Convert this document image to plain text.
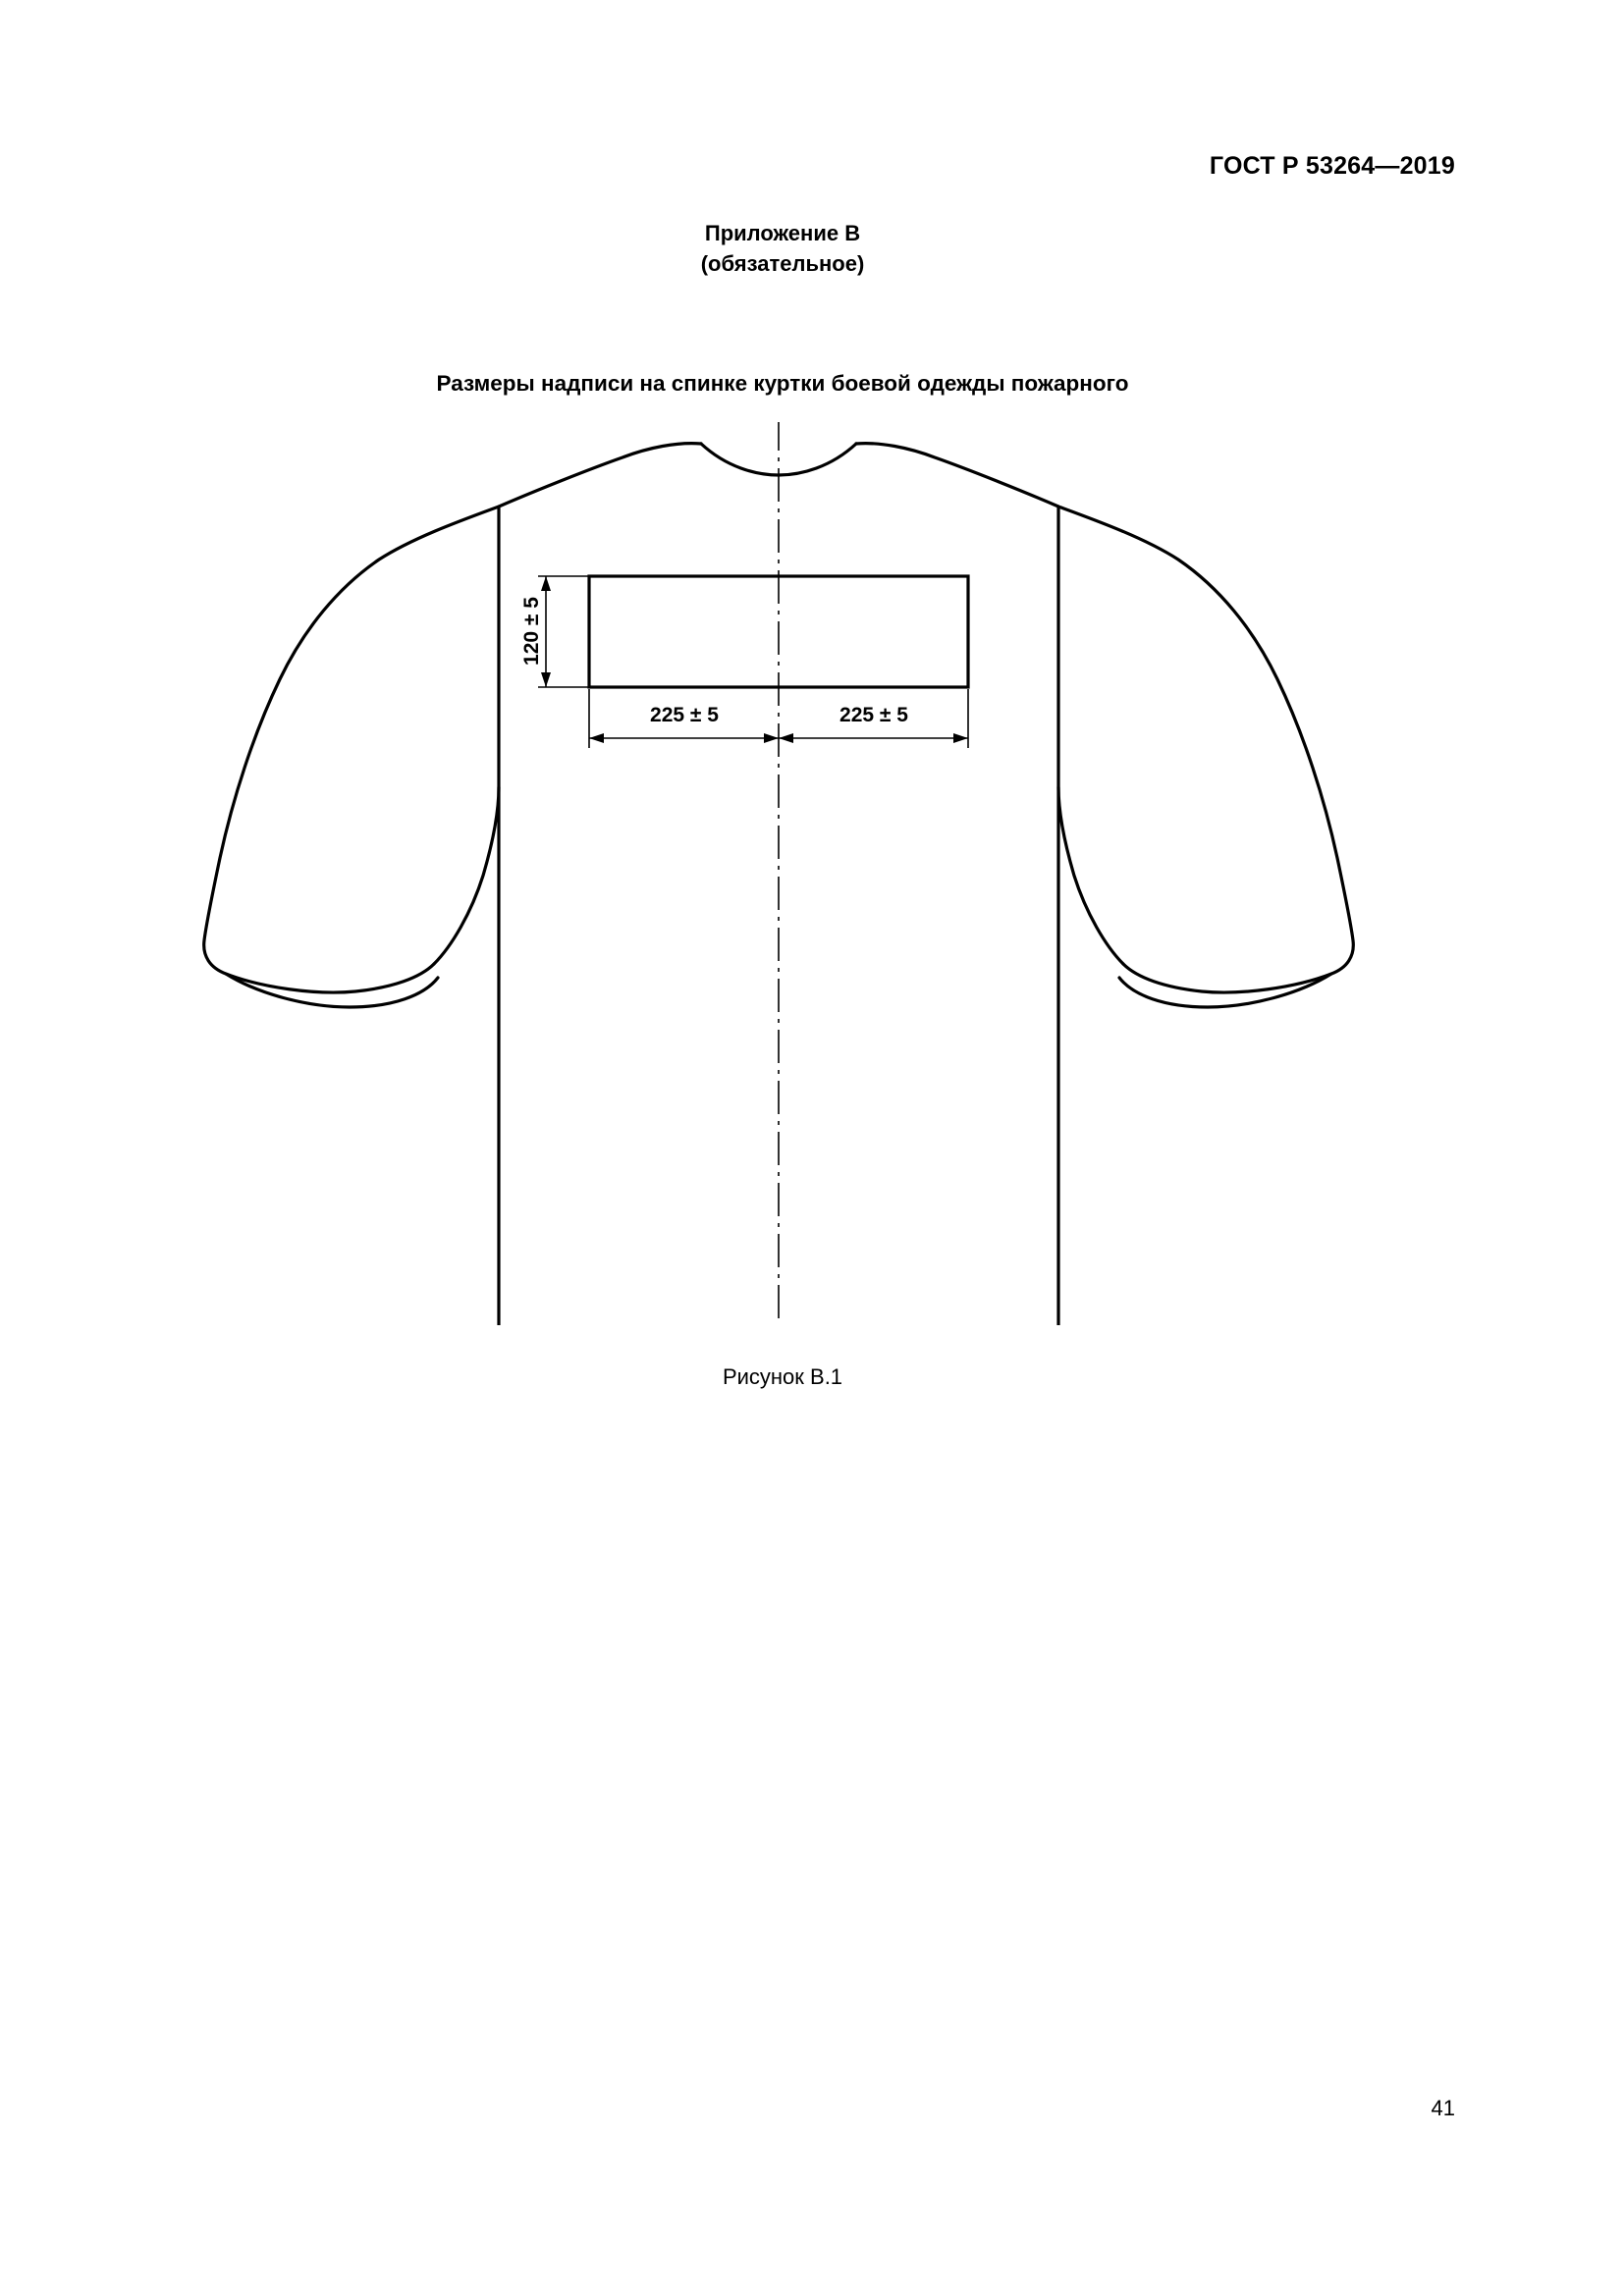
ГОСТ Р 53264—2019
Приложение В
(обязательное)
Размеры надписи на спинке куртки боевой одежды пожарного
120 ± 5
225 ± 5	225 ± 5
Рисунок В.1
41
